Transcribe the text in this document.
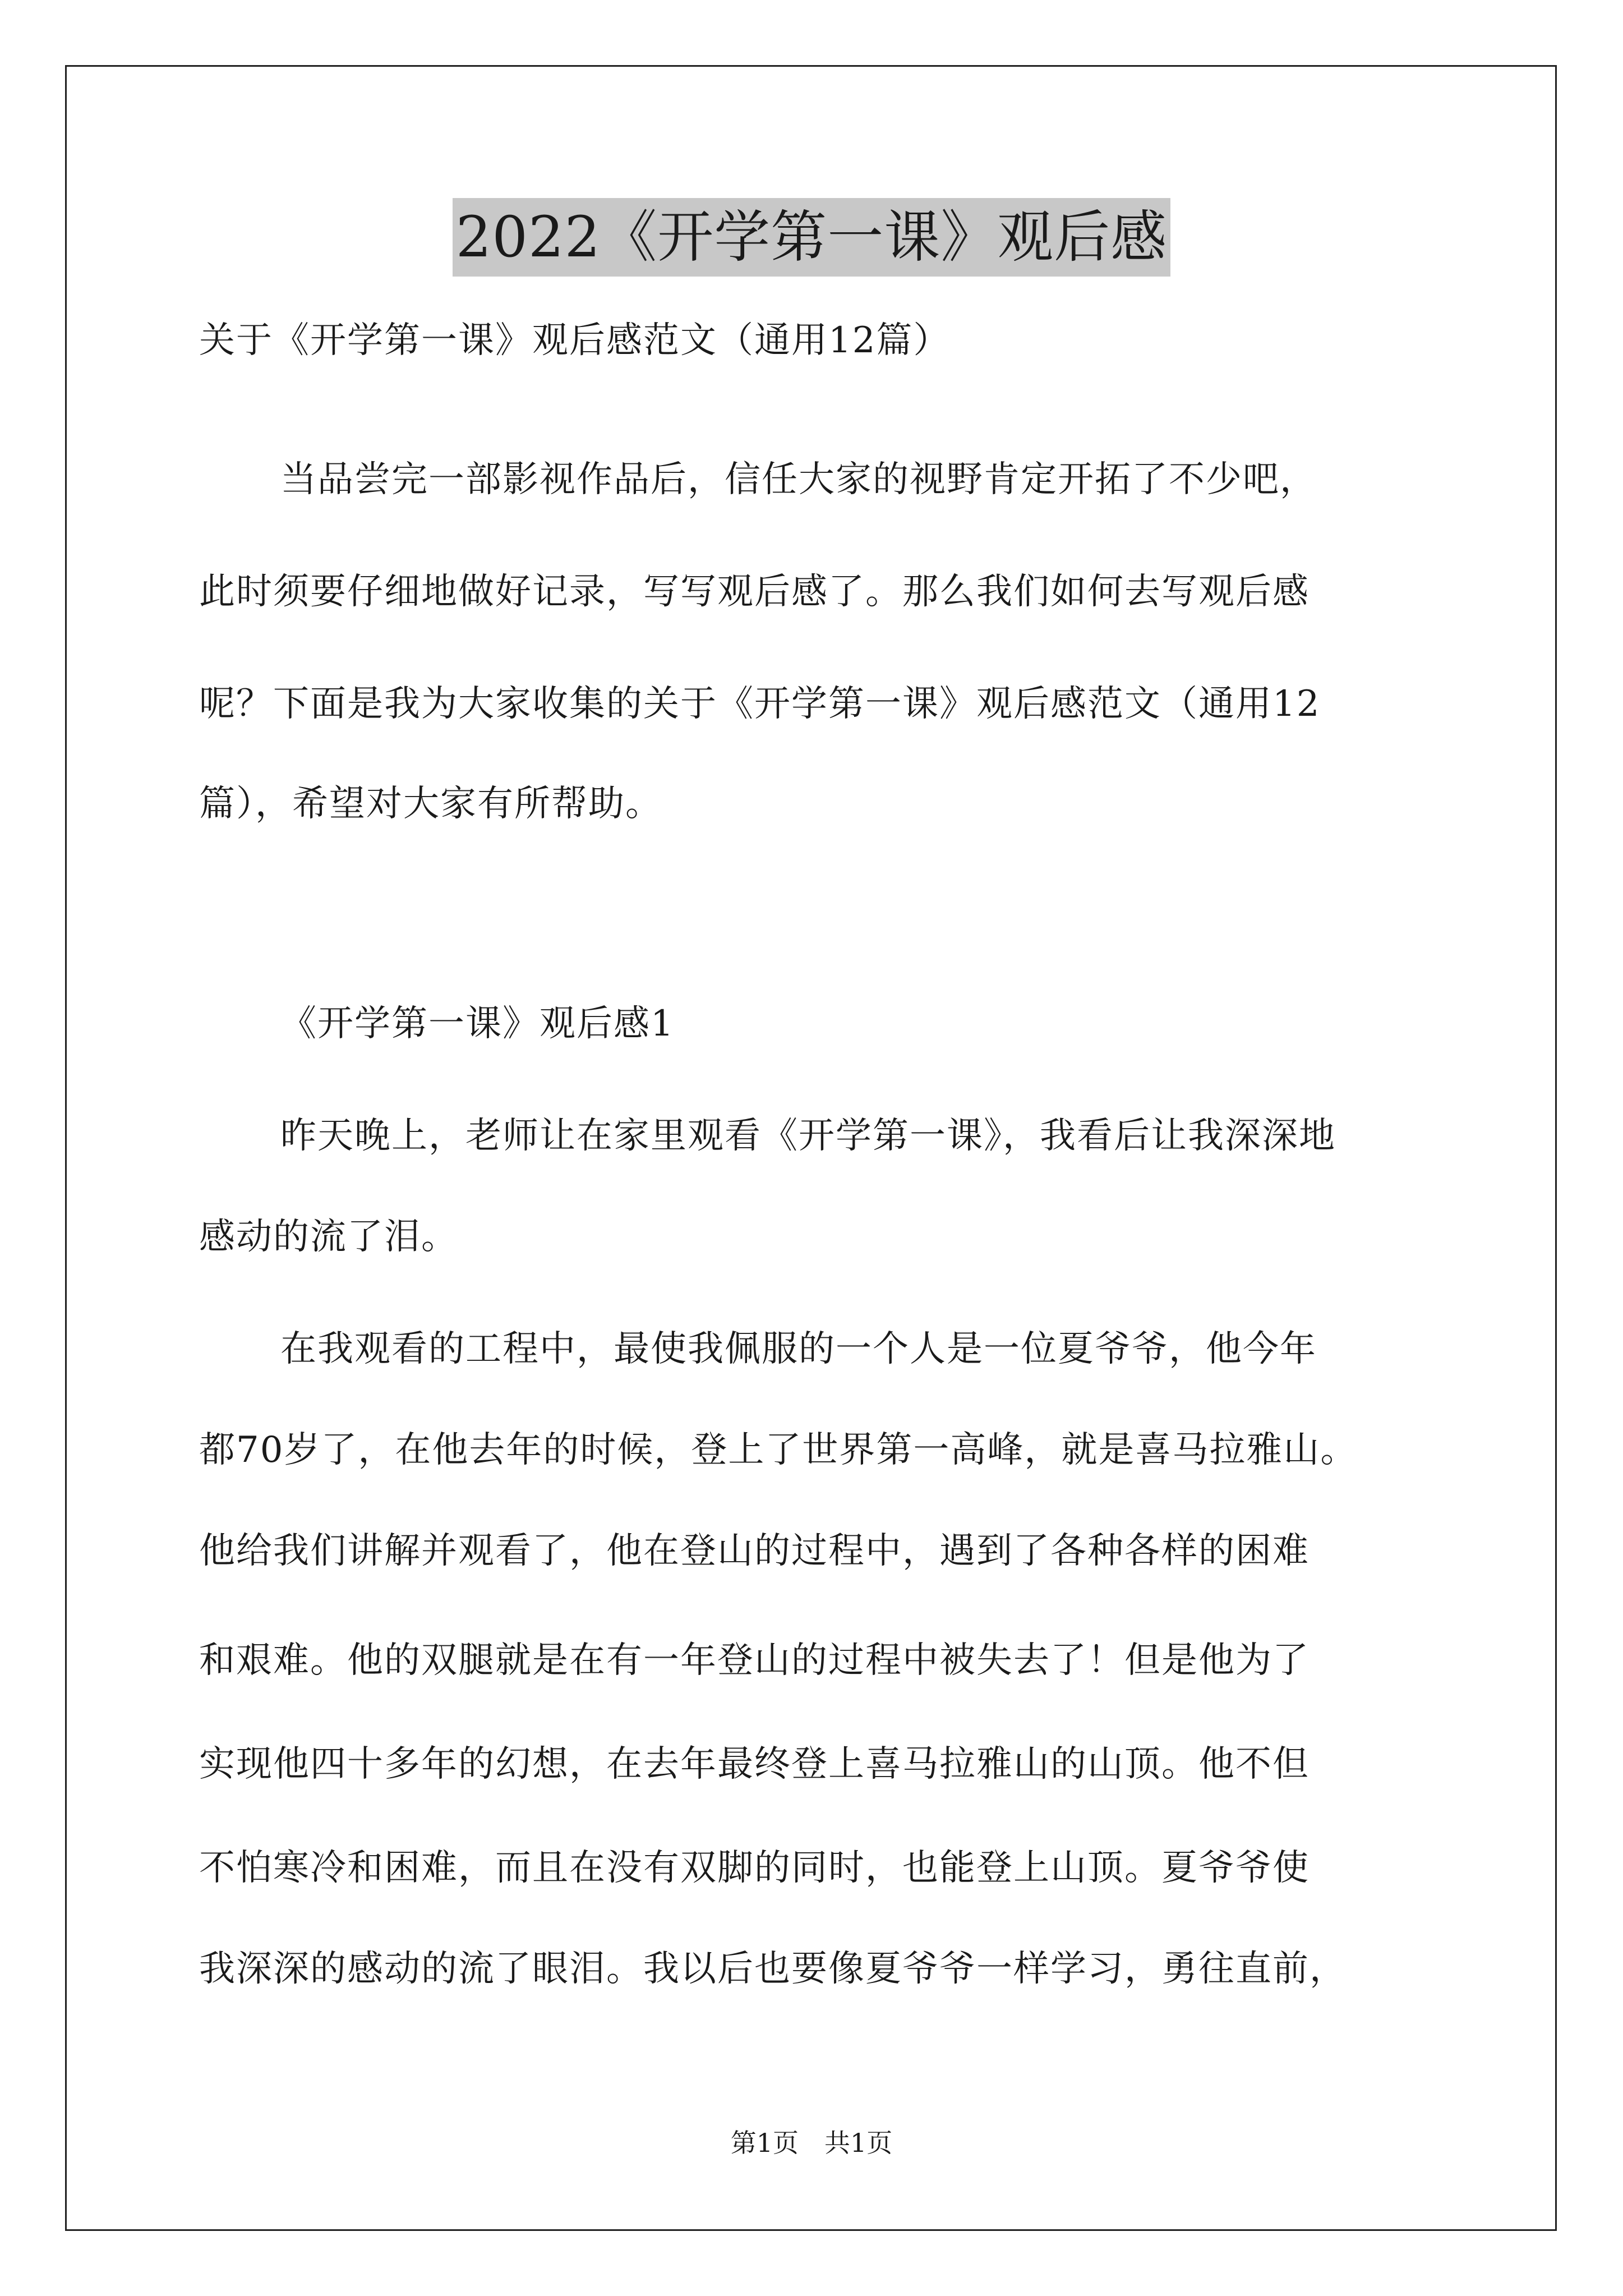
2022《开学第一课》观后感
关于《开学第一课》观后感范文（通用12篇）
当品尝完一部影视作品后，信任大家的视野肯定开拓了不少吧，
此时须要仔细地做好记录，写写观后感了。那么我们如何去写观后感
呢？下面是我为大家收集的关于《开学第一课》观后感范文（通用12
篇），希望对大家有所帮助。
《开学第一课》观后感1
昨天晚上，老师让在家里观看《开学第一课》，我看后让我深深地
感动的流了泪。
在我观看的工程中，最使我佩服的一个人是一位夏爷爷，他今年
都70岁了，在他去年的时候，登上了世界第一高峰，就是喜马拉雅山。
他给我们讲解并观看了，他在登山的过程中，遇到了各种各样的困难
和艰难。他的双腿就是在有一年登山的过程中被失去了！但是他为了
实现他四十多年的幻想，在去年最终登上喜马拉雅山的山顶。他不但
不怕寒冷和困难，而且在没有双脚的同时，也能登上山顶。夏爷爷使
我深深的感动的流了眼泪。我以后也要像夏爷爷一样学习，勇往直前，
第1页　共1页
